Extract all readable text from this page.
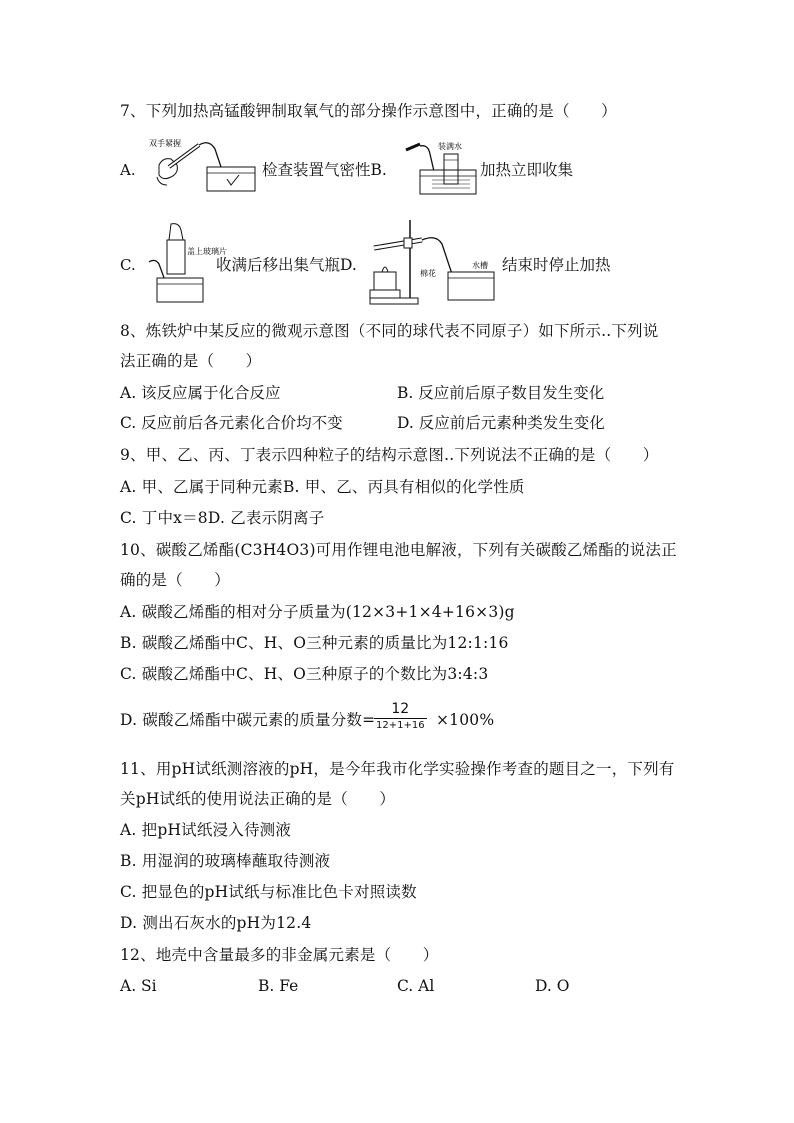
7、下列加热高锰酸钾制取氧气的部分操作示意图中，正确的是（　　）
A.
双手紧握
检查装置气密性B.
装满水
加热立即收集
C.
盖上玻璃片
收满后移出集气瓶D.	棉花
水槽 结束时停止加热
8、炼铁炉中某反应的微观示意图（不同的球代表不同原子）如下所示..下列说
法正确的是（　　）
A. 该反应属于化合反应	B. 反应前后原子数目发生变化
C. 反应前后各元素化合价均不变	D. 反应前后元素种类发生变化
9、甲、乙、丙、丁表示四种粒子的结构示意图..下列说法不正确的是（　　）
A. 甲、乙属于同种元素B. 甲、乙、丙具有相似的化学性质
C. 丁中x＝8D. 乙表示阴离子
10、碳酸乙烯酯(C3H4O3)可用作锂电池电解液，下列有关碳酸乙烯酯的说法正
确的是（　　）
A. 碳酸乙烯酯的相对分子质量为(12×3+1×4+16×3)g
B. 碳酸乙烯酯中C、H、O三种元素的质量比为12:1:16
C. 碳酸乙烯酯中C、H、O三种原子的个数比为3:4:3
D. 碳酸乙烯酯中碳元素的质量分数=
12
12+1+16 ×100%
11、用pH试纸测溶液的pH，是今年我市化学实验操作考查的题目之一，下列有
关pH试纸的使用说法正确的是（　　）
A. 把pH试纸浸入待测液
B. 用湿润的玻璃棒蘸取待测液
C. 把显色的pH试纸与标准比色卡对照读数
D. 测出石灰水的pH为12.4
12、地壳中含量最多的非金属元素是（　　）
A. Si	B. Fe	C. Al	D. O
